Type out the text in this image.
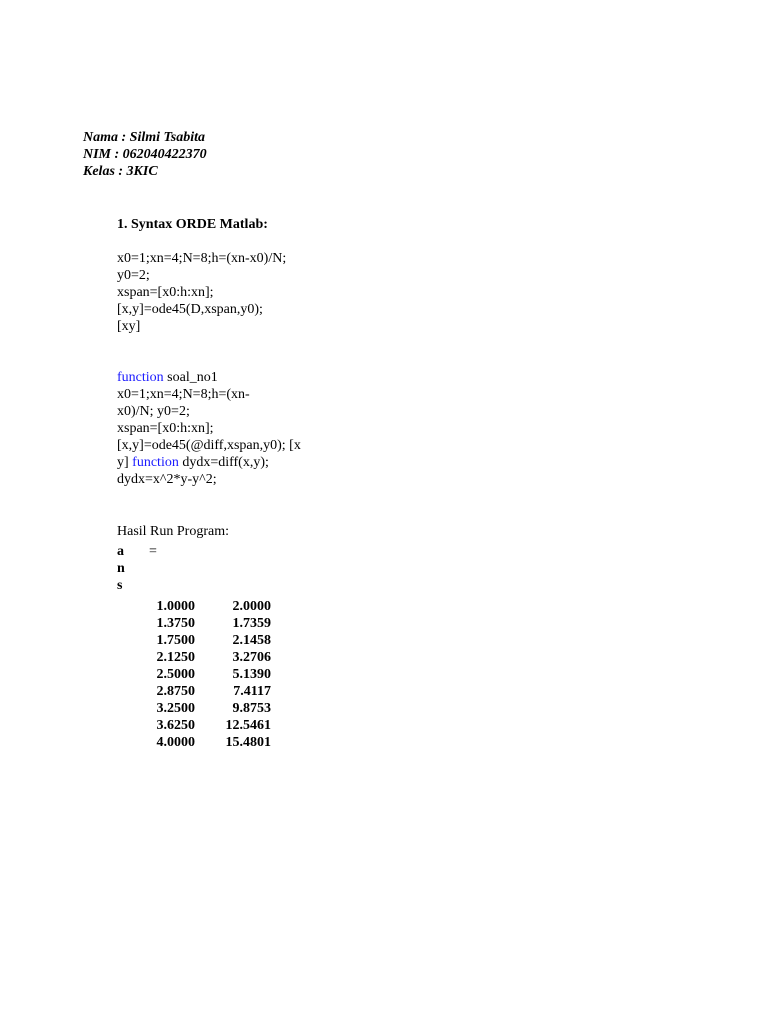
Nama : Silmi Tsabita
NIM : 062040422370
Kelas : 3KIC
1. Syntax ORDE Matlab:
x0=1;xn=4;N=8;h=(xn-x0)/N;
y0=2;
xspan=[x0:h:xn];
[x,y]=ode45(D,xspan,y0);
[xy]
function soal_no1
x0=1;xn=4;N=8;h=(xn-
x0)/N; y0=2;
xspan=[x0:h:xn];
[x,y]=ode45(@diff,xspan,y0); [x
y] function dydx=diff(x,y);
dydx=x^2*y-y^2;
Hasil Run Program:
a
n
s
=
1.0000	2.0000
1.3750	1.7359
1.7500	2.1458
2.1250	3.2706
2.5000	5.1390
2.8750	7.4117
3.2500	9.8753
3.6250	12.5461
4.0000	15.4801
